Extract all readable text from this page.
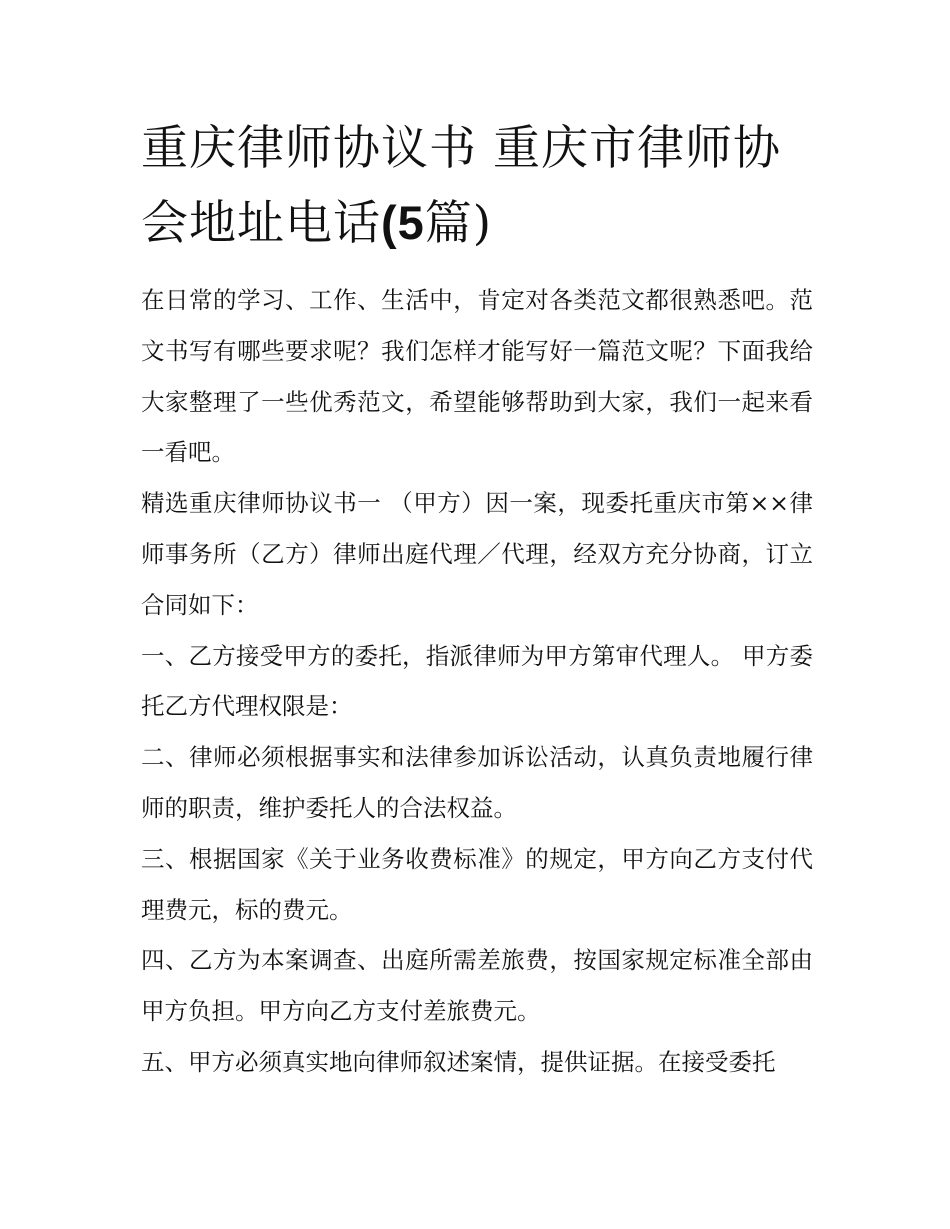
重庆律师协议书 重庆市律师协
会地址电话(5篇)

在日常的学习、工作、生活中，肯定对各类范文都很熟悉吧。范文书写有哪些要求呢？我们怎样才能写好一篇范文呢？下面我给大家整理了一些优秀范文，希望能够帮助到大家，我们一起来看一看吧。

精选重庆律师协议书一 （甲方）因一案，现委托重庆市第××律师事务所（乙方）律师出庭代理／代理，经双方充分协商，订立合同如下：

一、乙方接受甲方的委托，指派律师为甲方第审代理人。 甲方委托乙方代理权限是：

二、律师必须根据事实和法律参加诉讼活动，认真负责地履行律师的职责，维护委托人的合法权益。

三、根据国家《关于业务收费标准》的规定，甲方向乙方支付代理费元，标的费元。

四、乙方为本案调查、出庭所需差旅费，按国家规定标准全部由甲方负担。甲方向乙方支付差旅费元。

五、甲方必须真实地向律师叙述案情，提供证据。在接受委托
